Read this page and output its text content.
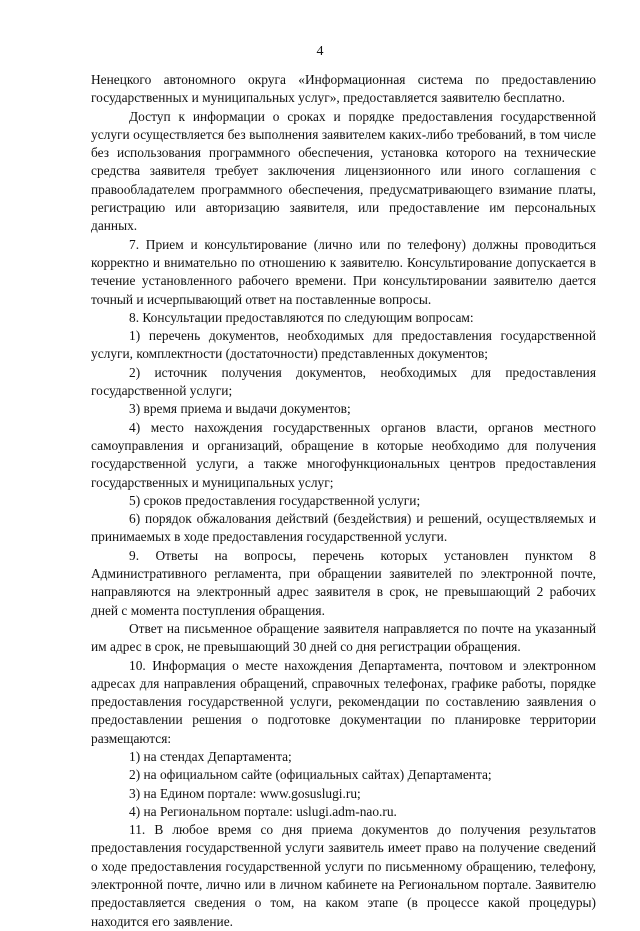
4

Ненецкого автономного округа «Информационная система по предоставлению государственных и муниципальных услуг», предоставляется заявителю бесплатно.

Доступ к информации о сроках и порядке предоставления государственной услуги осуществляется без выполнения заявителем каких-либо требований, в том числе без использования программного обеспечения, установка которого на технические средства заявителя требует заключения лицензионного или иного соглашения с правообладателем программного обеспечения, предусматривающего взимание платы, регистрацию или авторизацию заявителя, или предоставление им персональных данных.

7. Прием и консультирование (лично или по телефону) должны проводиться корректно и внимательно по отношению к заявителю. Консультирование допускается в течение установленного рабочего времени. При консультировании заявителю дается точный и исчерпывающий ответ на поставленные вопросы.

8. Консультации предоставляются по следующим вопросам:

1) перечень документов, необходимых для предоставления государственной услуги, комплектности (достаточности) представленных документов;

2) источник получения документов, необходимых для предоставления государственной услуги;

3) время приема и выдачи документов;

4) место нахождения государственных органов власти, органов местного самоуправления и организаций, обращение в которые необходимо для получения государственной услуги, а также многофункциональных центров предоставления государственных и муниципальных услуг;

5) сроков предоставления государственной услуги;

6) порядок обжалования действий (бездействия) и решений, осуществляемых и принимаемых в ходе предоставления государственной услуги.

9. Ответы на вопросы, перечень которых установлен пунктом 8 Административного регламента, при обращении заявителей по электронной почте, направляются на электронный адрес заявителя в срок, не превышающий 2 рабочих дней с момента поступления обращения.

Ответ на письменное обращение заявителя направляется по почте на указанный им адрес в срок, не превышающий 30 дней со дня регистрации обращения.

10. Информация о месте нахождения Департамента, почтовом и электронном адресах для направления обращений, справочных телефонах, графике работы, порядке предоставления государственной услуги, рекомендации по составлению заявления о предоставлении решения о подготовке документации по планировке территории размещаются:

1) на стендах Департамента;

2) на официальном сайте (официальных сайтах) Департамента;

3) на Едином портале: www.gosuslugi.ru;

4) на Региональном портале: uslugi.adm-nao.ru.

11. В любое время со дня приема документов до получения результатов предоставления государственной услуги заявитель имеет право на получение сведений о ходе предоставления государственной услуги по письменному обращению, телефону, электронной почте, лично или в личном кабинете на Региональном портале. Заявителю предоставляется сведения о том, на каком этапе (в процессе какой процедуры) находится его заявление.
